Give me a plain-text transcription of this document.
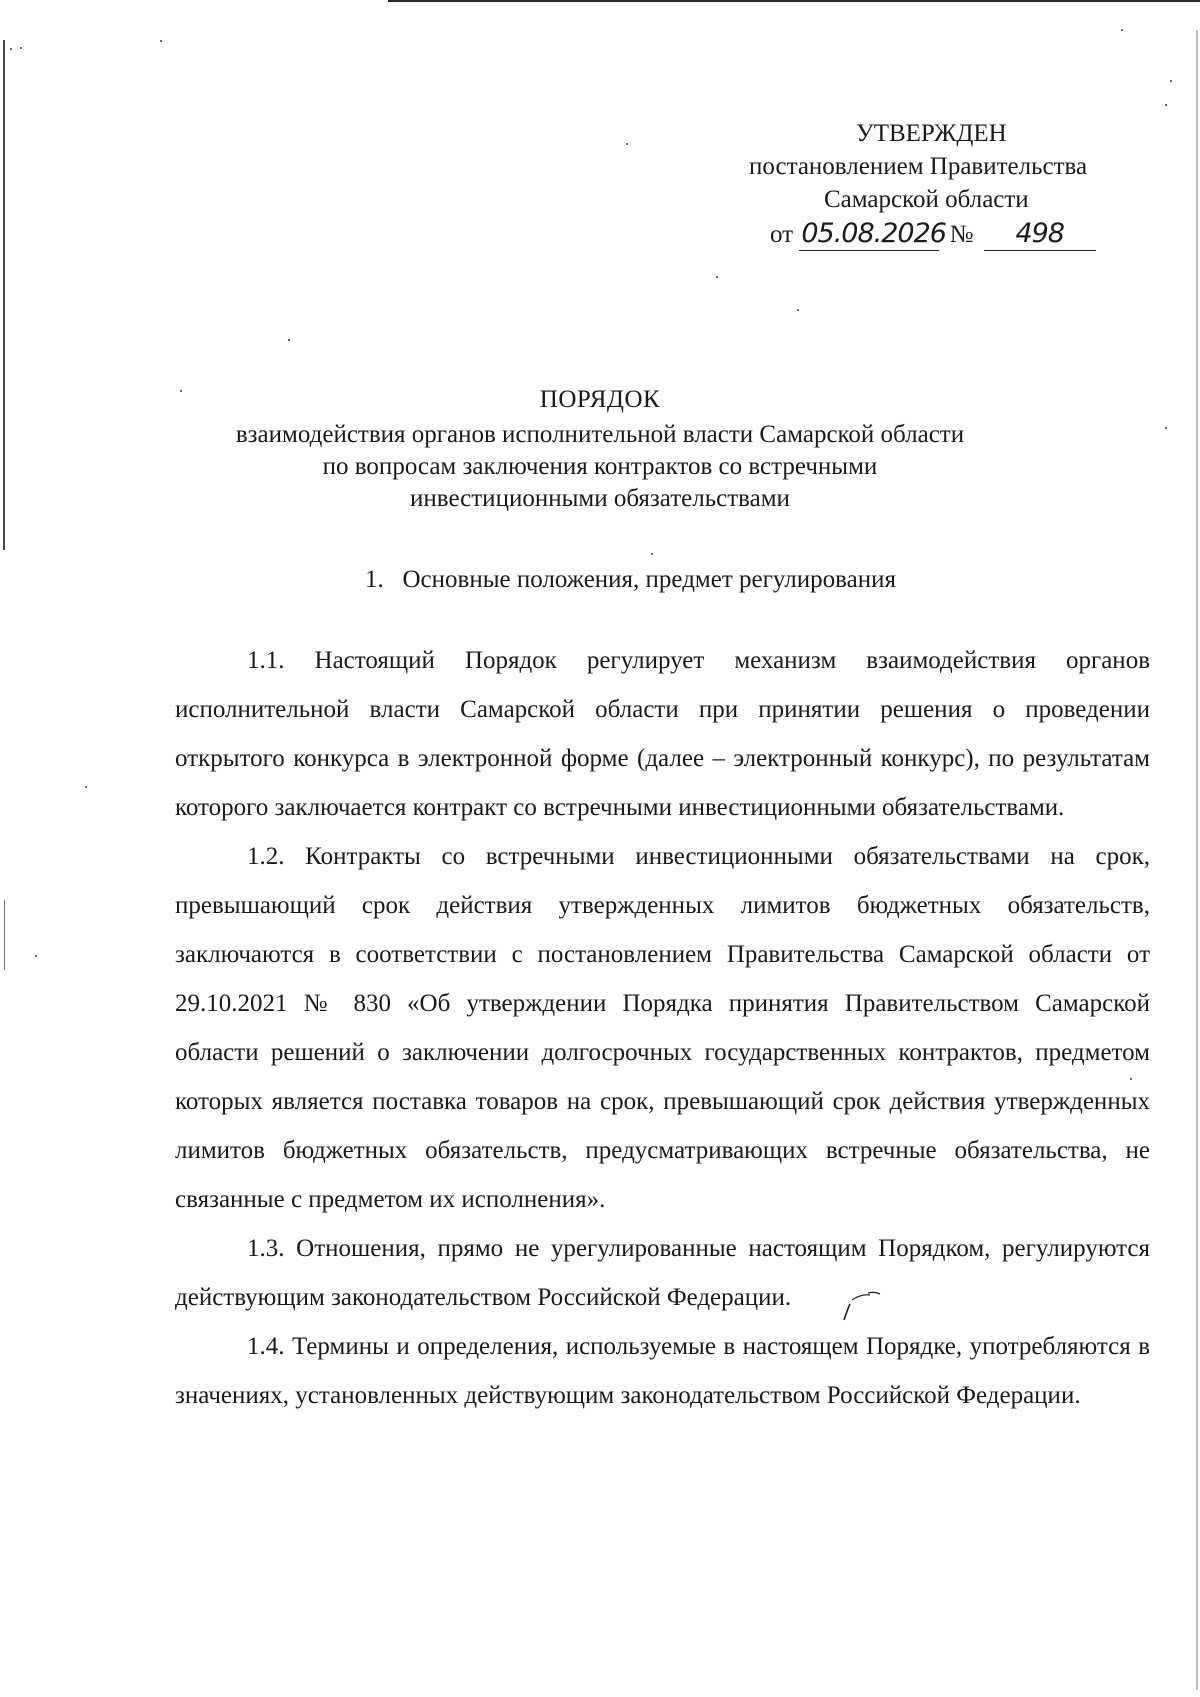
УТВЕРЖДЕН
постановлением Правительства
Самарской области
от 05.08.2026 № 498
ПОРЯДОК
взаимодействия органов исполнительной власти Самарской области
по вопросам заключения контрактов со встречными
инвестиционными обязательствами
1.   Основные положения, предмет регулирования

1.1. Настоящий Порядок регулирует механизм взаимодействия органов исполнительной власти Самарской области при принятии решения о проведении открытого конкурса в электронной форме (далее – электронный конкурс), по результатам которого заключается контракт со встречными инвестиционными обязательствами.

1.2. Контракты со встречными инвестиционными обязательствами на срок, превышающий срок действия утвержденных лимитов бюджетных обязательств, заключаются в соответствии с постановлением Правительства Самарской области от 29.10.2021 № 830 «Об утверждении Порядка принятия Правительством Самарской области решений о заключении долгосрочных государственных контрактов, предметом которых является поставка товаров на срок, превышающий срок действия утвержденных лимитов бюджетных обязательств, предусматривающих встречные обязательства, не связанные с предметом их исполнения».

1.3. Отношения, прямо не урегулированные настоящим Порядком, регулируются действующим законодательством Российской Федерации.

1.4. Термины и определения, используемые в настоящем Порядке, употребляются в значениях, установленных действующим законодательством Российской Федерации.
